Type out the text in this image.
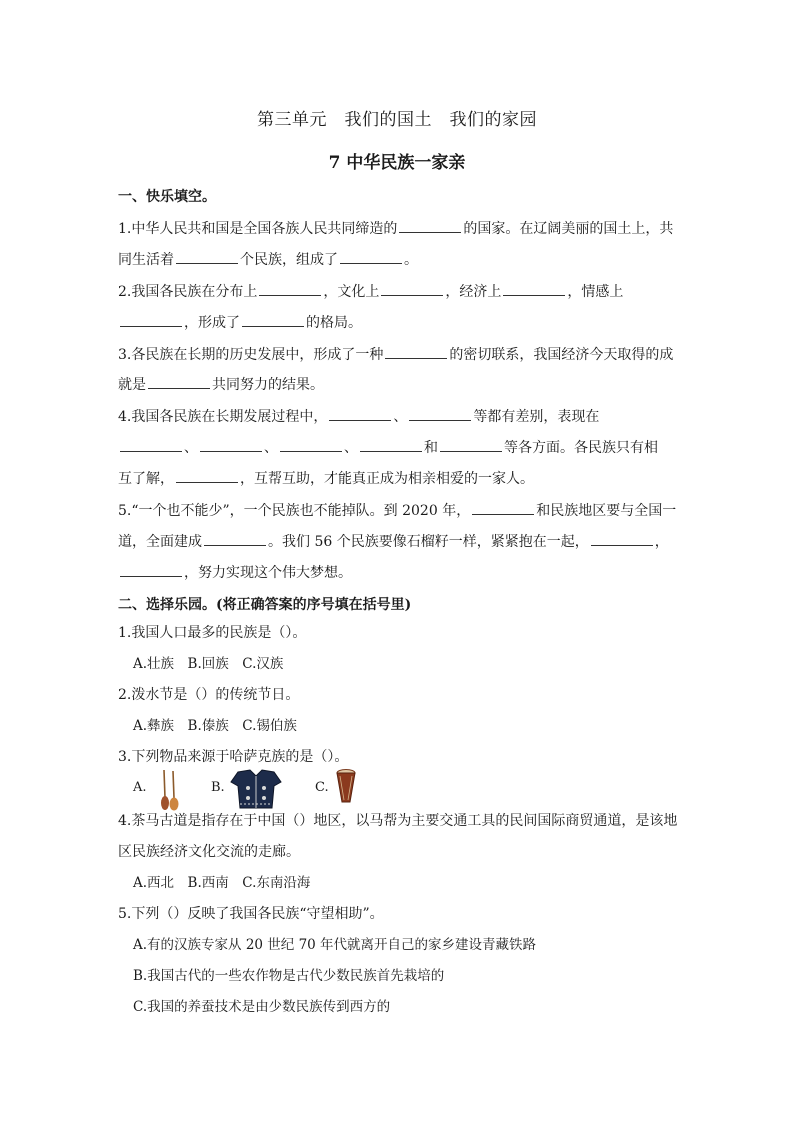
第三单元　我们的国土　我们的家园
7 中华民族一家亲
一、快乐填空。
1.中华人民共和国是全国各族人民共同缔造的	的国家。在辽阔美丽的国土上，共
同生活着	个民族，组成了	。
2.我国各民族在分布上	，文化上	，经济上	，情感上
，形成了	的格局。
3.各民族在长期的历史发展中，形成了一种	的密切联系，我国经济今天取得的成
就是	共同努力的结果。
4.我国各民族在长期发展过程中，	、	等都有差别，表现在
、	、	、	和	等各方面。各民族只有相
互了解，	，互帮互助，才能真正成为相亲相爱的一家人。
5.“一个也不能少”，一个民族也不能掉队。到 2020 年，	和民族地区要与全国一
道，全面建成	。我们 56 个民族要像石榴籽一样，紧紧抱在一起，	，
，努力实现这个伟大梦想。
二、选择乐园。(将正确答案的序号填在括号里)
1.我国人口最多的民族是（）。
A.壮族　B.回族　C.汉族
2.泼水节是（）的传统节日。
A.彝族　B.傣族　C.锡伯族
3.下列物品来源于哈萨克族的是（）。
A.	B.	C.
4.茶马古道是指存在于中国（）地区，以马帮为主要交通工具的民间国际商贸通道，是该地
区民族经济文化交流的走廊。
A.西北　B.西南　C.东南沿海
5.下列（）反映了我国各民族“守望相助”。
A.有的汉族专家从 20 世纪 70 年代就离开自己的家乡建设青藏铁路
B.我国古代的一些农作物是古代少数民族首先栽培的
C.我国的养蚕技术是由少数民族传到西方的
